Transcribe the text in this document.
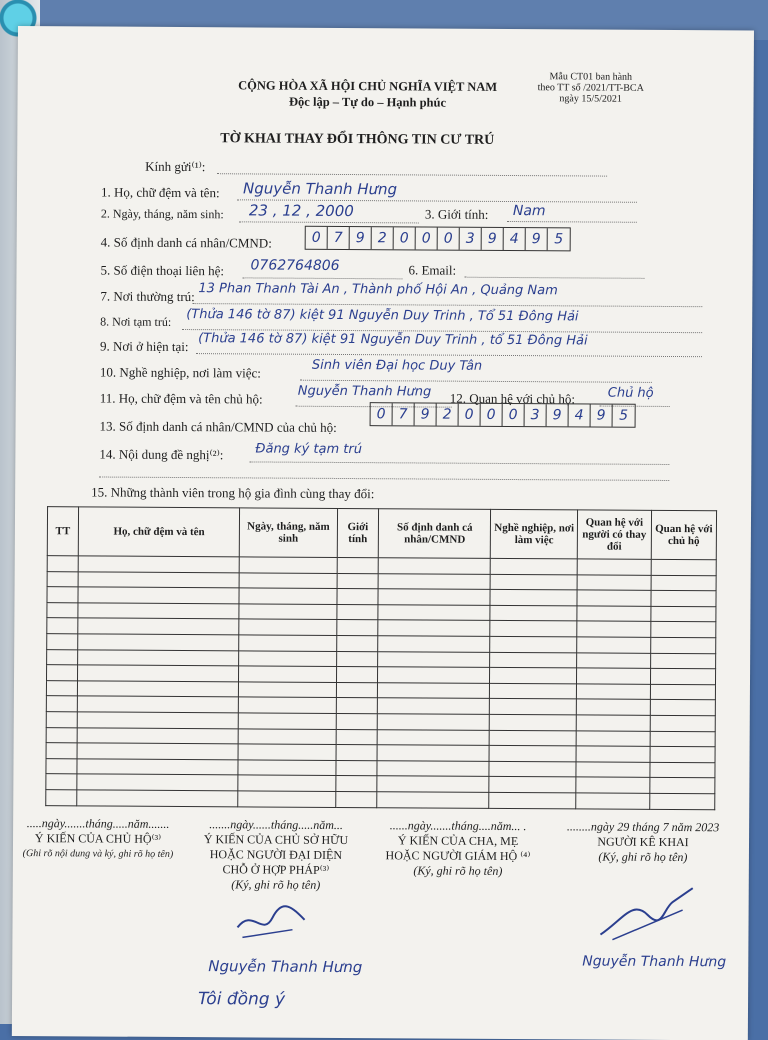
Mẫu CT01 ban hành
theo TT số /2021/TT-BCA
ngày 15/5/2021
CỘNG HÒA XÃ HỘI CHỦ NGHĨA VIỆT NAM
Độc lập – Tự do – Hạnh phúc
TỜ KHAI THAY ĐỔI THÔNG TIN CƯ TRÚ
Kính gửi⁽¹⁾:
1. Họ, chữ đệm và tên: Nguyễn Thanh Hưng
2. Ngày, tháng, năm sinh: 23 , 12 , 2000	3. Giới tính: Nam
4. Số định danh cá nhân/CMND:	0 7 9 2 0 0 0 3 9 4 9 5
5. Số điện thoại liên hệ: 0762764806	6. Email:
7. Nơi thường trú: 13 Phan Thanh Tài An , Thành phố Hội An , Quảng Nam
8. Nơi tạm trú: (Thửa 146 tờ 87) kiệt 91 Nguyễn Duy Trinh , Tổ 51 Đông Hải
9. Nơi ở hiện tại: (Thửa 146 tờ 87) kiệt 91 Nguyễn Duy Trinh , tổ 51 Đông Hải
10. Nghề nghiệp, nơi làm việc:	Sinh viên Đại học Duy Tân
11. Họ, chữ đệm và tên chủ hộ:	Nguyễn Thanh Hưng 12. Quan hệ với chủ hộ:	Chủ hộ
13. Số định danh cá nhân/CMND của chủ hộ:
0 7 9 2 0 0 0 3 9 4 9 5
14. Nội dung đề nghị⁽²⁾: Đăng ký tạm trú
15. Những thành viên trong hộ gia đình cùng thay đổi:
TT	Họ, chữ đệm và tên	Ngày, tháng, năm sinh	Giới tính	Số định danh cá nhân/CMND	Nghề nghiệp, nơi làm việc	Quan hệ với người có thay đổi	Quan hệ với chủ hộ

.....ngày.......tháng.....năm.......
Ý KIẾN CỦA CHỦ HỘ⁽³⁾
(Ghi rõ nội dung và ký, ghi rõ họ tên)
.......ngày......tháng.....năm...
Ý KIẾN CỦA CHỦ SỞ HỮU HOẶC NGƯỜI ĐẠI DIỆN CHỖ Ở HỢP PHÁP⁽³⁾
(Ký, ghi rõ họ tên)
......ngày.......tháng....năm... .
Ý KIẾN CỦA CHA, MẸ HOẶC NGƯỜI GIÁM HỘ ⁽⁴⁾
(Ký, ghi rõ họ tên)
........ngày 29 tháng 7 năm 2023
NGƯỜI KÊ KHAI
(Ký, ghi rõ họ tên)
Nguyễn Thanh Hưng
Tôi đồng ý
Nguyễn Thanh Hưng
